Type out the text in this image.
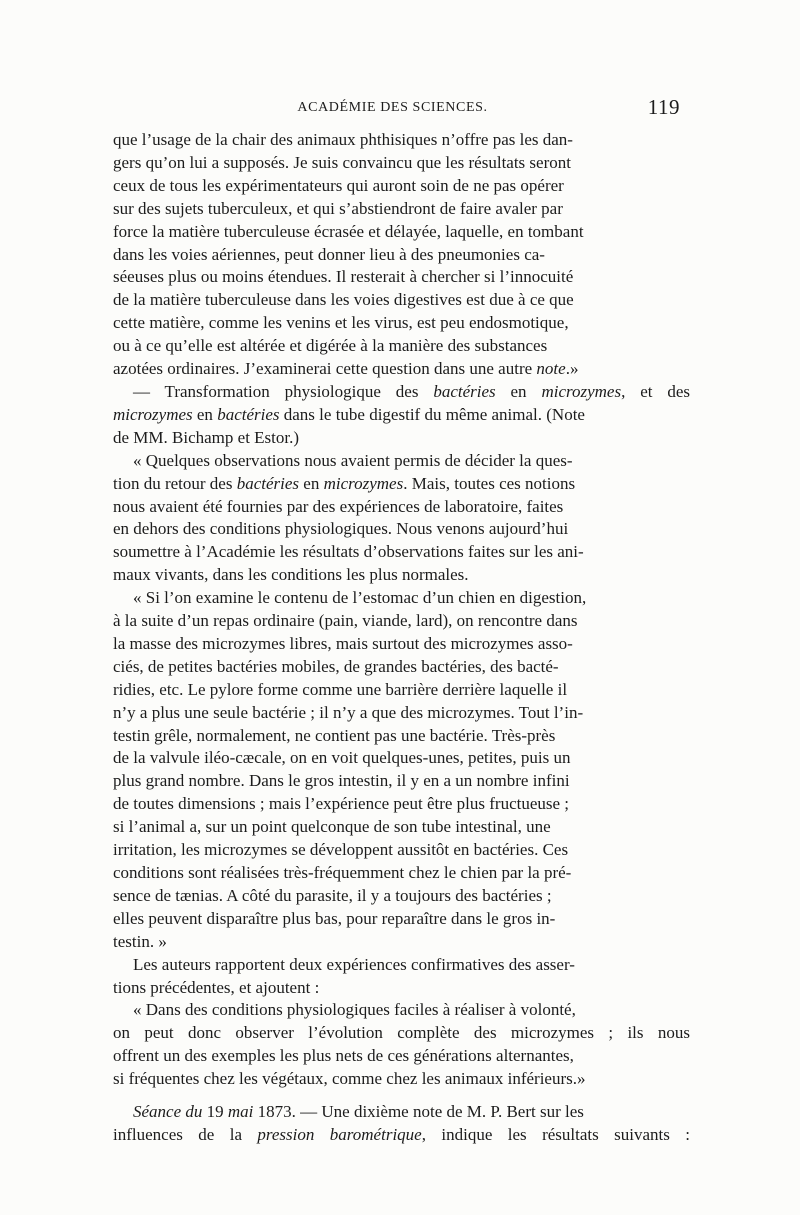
ACADÉMIE DES SCIENCES.	119
que l’usage de la chair des animaux phthisiques n’offre pas les dan-
gers qu’on lui a supposés. Je suis convaincu que les résultats seront
ceux de tous les expérimentateurs qui auront soin de ne pas opérer
sur des sujets tuberculeux, et qui s’abstiendront de faire avaler par
force la matière tuberculeuse écrasée et délayée, laquelle, en tombant
dans les voies aériennes, peut donner lieu à des pneumonies ca-
séeuses plus ou moins étendues. Il resterait à chercher si l’innocuité
de la matière tuberculeuse dans les voies digestives est due à ce que
cette matière, comme les venins et les virus, est peu endosmotique,
ou à ce qu’elle est altérée et digérée à la manière des substances
azotées ordinaires. J’examinerai cette question dans une autre note.»
— Transformation physiologique des bactéries en microzymes, et des
microzymes en bactéries dans le tube digestif du même animal. (Note
de MM. Bichamp et Estor.)
« Quelques observations nous avaient permis de décider la ques-
tion du retour des bactéries en microzymes. Mais, toutes ces notions
nous avaient été fournies par des expériences de laboratoire, faites
en dehors des conditions physiologiques. Nous venons aujourd’hui
soumettre à l’Académie les résultats d’observations faites sur les ani-
maux vivants, dans les conditions les plus normales.
« Si l’on examine le contenu de l’estomac d’un chien en digestion,
à la suite d’un repas ordinaire (pain, viande, lard), on rencontre dans
la masse des microzymes libres, mais surtout des microzymes asso-
ciés, de petites bactéries mobiles, de grandes bactéries, des bacté-
ridies, etc. Le pylore forme comme une barrière derrière laquelle il
n’y a plus une seule bactérie ; il n’y a que des microzymes. Tout l’in-
testin grêle, normalement, ne contient pas une bactérie. Très-près
de la valvule iléo-cæcale, on en voit quelques-unes, petites, puis un
plus grand nombre. Dans le gros intestin, il y en a un nombre infini
de toutes dimensions ; mais l’expérience peut être plus fructueuse ;
si l’animal a, sur un point quelconque de son tube intestinal, une
irritation, les microzymes se développent aussitôt en bactéries. Ces
conditions sont réalisées très-fréquemment chez le chien par la pré-
sence de tænias. A côté du parasite, il y a toujours des bactéries ;
elles peuvent disparaître plus bas, pour reparaître dans le gros in-
testin. »
Les auteurs rapportent deux expériences confirmatives des asser-
tions précédentes, et ajoutent :
« Dans des conditions physiologiques faciles à réaliser à volonté,
on peut donc observer l’évolution complète des microzymes ; ils nous
offrent un des exemples les plus nets de ces générations alternantes,
si fréquentes chez les végétaux, comme chez les animaux inférieurs.»
Séance du 19 mai 1873. — Une dixième note de M. P. Bert sur les
influences de la pression barométrique, indique les résultats suivants :
